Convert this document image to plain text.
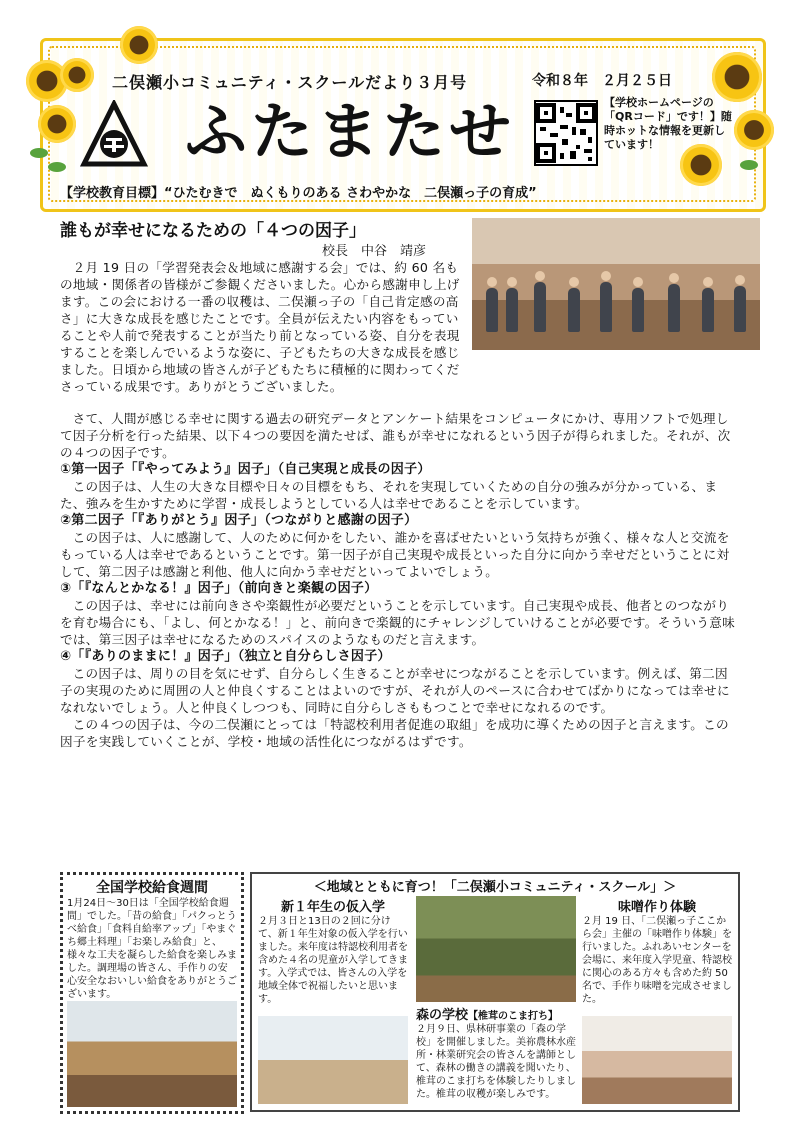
二俣瀬小コミュニティ・スクールだより３月号	令和８年　２月２５日
ふたまたせ	【学校ホームページの「QRコード」です！】随時ホットな情報を更新しています！
【学校教育目標】“ひたむきで　ぬくもりのある さわやかな　二俣瀬っ子の育成”
誰もが幸せになるための「４つの因子」
校長　中谷　靖彦

２月 19 日の「学習発表会＆地域に感謝する会」では、約 60 名もの地域・関係者の皆様がご参観くださいました。心から感謝申し上げます。この会における一番の収穫は、二俣瀬っ子の「自己肯定感の高さ」に大きな成長を感じたことです。全員が伝えたい内容をもっていることや人前で発表することが当たり前となっている姿、自分を表現することを楽しんでいるような姿に、子どもたちの大きな成長を感じました。日頃から地域の皆さんが子どもたちに積極的に関わってくださっている成果です。ありがとうございました。

さて、人間が感じる幸せに関する過去の研究データとアンケート結果をコンピュータにかけ、専用ソフトで処理して因子分析を行った結果、以下４つの要因を満たせば、誰もが幸せになれるという因子が得られました。それが、次の４つの因子です。

①第一因子「『やってみよう』因子」（自己実現と成長の因子）

この因子は、人生の大きな目標や日々の目標をもち、それを実現していくための自分の強みが分かっている、また、強みを生かすために学習・成長しようとしている人は幸せであることを示しています。

②第二因子「『ありがとう』因子」（つながりと感謝の因子）

この因子は、人に感謝して、人のために何かをしたい、誰かを喜ばせたいという気持ちが強く、様々な人と交流をもっている人は幸せであるということです。第一因子が自己実現や成長といった自分に向かう幸せだということに対して、第二因子は感謝と利他、他人に向かう幸せだといってよいでしょう。

③「『なんとかなる！』因子」（前向きと楽観の因子）

この因子は、幸せには前向きさや楽観性が必要だということを示しています。自己実現や成長、他者とのつながりを育む場合にも、「よし、何とかなる！」と、前向きで楽観的にチャレンジしていけることが必要です。そういう意味では、第三因子は幸せになるためのスパイスのようなものだと言えます。

④「『ありのままに！』因子」（独立と自分らしさ因子）

この因子は、周りの目を気にせず、自分らしく生きることが幸せにつながることを示しています。例えば、第二因子の実現のために周囲の人と仲良くすることはよいのですが、それが人のペースに合わせてばかりになっては幸せになれないでしょう。人と仲良くしつつも、同時に自分らしさももつことで幸せになれるのです。

この４つの因子は、今の二俣瀬にとっては「特認校利用者促進の取組」を成功に導くための因子と言えます。この因子を実践していくことが、学校・地域の活性化につながるはずです。

全国学校給食週間
1月24日～30日は「全国学校給食週間」でした。「昔の給食」「パクっとうべ給食」「食料自給率アップ」「やまぐち郷土料理」「お楽しみ給食」と、様々な工夫を凝らした給食を楽しみました。調理場の皆さん、手作りの安心安全なおいしい給食をありがとうございます。
＜地域とともに育つ！「二俣瀬小コミュニティ・スクール」＞
新１年生の仮入学
２月３日と13日の２回に分けて、新１年生対象の仮入学を行いました。来年度は特認校利用者を含めた４名の児童が入学してきます。入学式では、皆さんの入学を地域全体で祝福したいと思います。
森の学校【椎茸のこま打ち】
２月９日、県林研事業の「森の学校」を開催しました。美祢農林水産所・林業研究会の皆さんを講師として、森林の働きの講義を聞いたり、椎茸のこま打ちを体験したりしました。椎茸の収穫が楽しみです。
味噌作り体験
２月 19 日、「二俣瀬っ子ここから会」主催の「味噌作り体験」を行いました。ふれあいセンターを会場に、来年度入学児童、特認校に関心のある方々も含めた約 50 名で、手作り味噌を完成させました。
